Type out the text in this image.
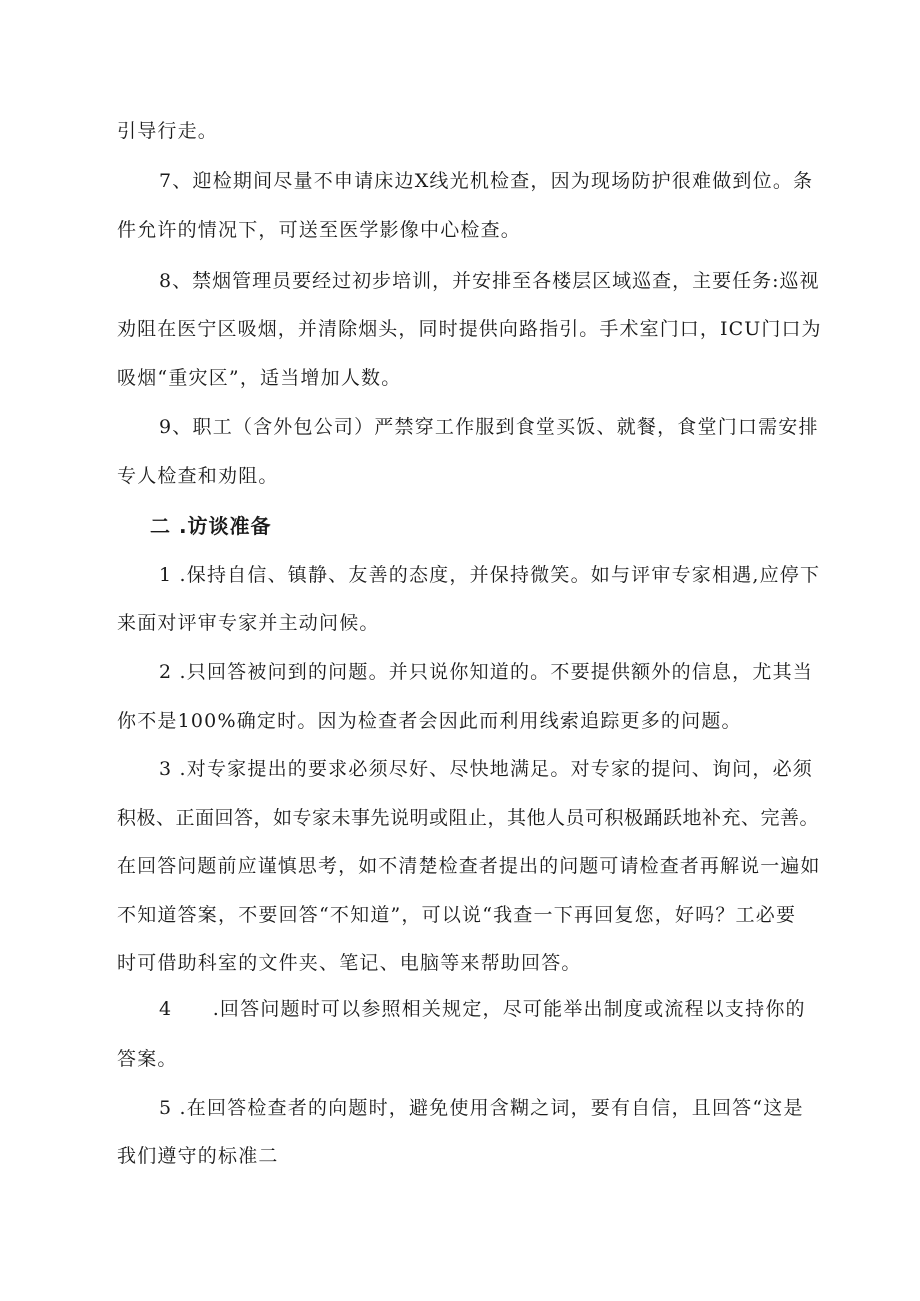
引导行走。
7、迎检期间尽量不申请床边X线光机检查，因为现场防护很难做到位。条
件允许的情况下，可送至医学影像中心检查。
8、禁烟管理员要经过初步培训，并安排至各楼层区域巡查，主要任务:巡视
劝阻在医宁区吸烟，并清除烟头，同时提供向路指引。手术室门口，ICU门口为
吸烟“重灾区”，适当增加人数。
9、职工（含外包公司）严禁穿工作服到食堂买饭、就餐，食堂门口需安排
专人检查和劝阻。
二 .访谈准备
1 .保持自信、镇静、友善的态度，并保持微笑。如与评审专家相遇,应停下
来面对评审专家并主动问候。
2 .只回答被问到的问题。并只说你知道的。不要提供额外的信息，尤其当
你不是100%确定时。因为检查者会因此而利用线索追踪更多的问题。
3 .对专家提出的要求必须尽好、尽快地满足。对专家的提问、询问，必须
积极、正面回答，如专家未事先说明或阻止，其他人员可积极踊跃地补充、完善。
在回答问题前应谨慎思考，如不清楚检查者提出的问题可请检查者再解说一遍如
不知道答案，不要回答“不知道”，可以说“我查一下再回复您，好吗？工必要
时可借助科室的文件夹、笔记、电脑等来帮助回答。
4　　.回答问题时可以参照相关规定，尽可能举出制度或流程以支持你的
答案。
5 .在回答检查者的向题时，避免使用含糊之词，要有自信，且回答“这是
我们遵守的标准二
